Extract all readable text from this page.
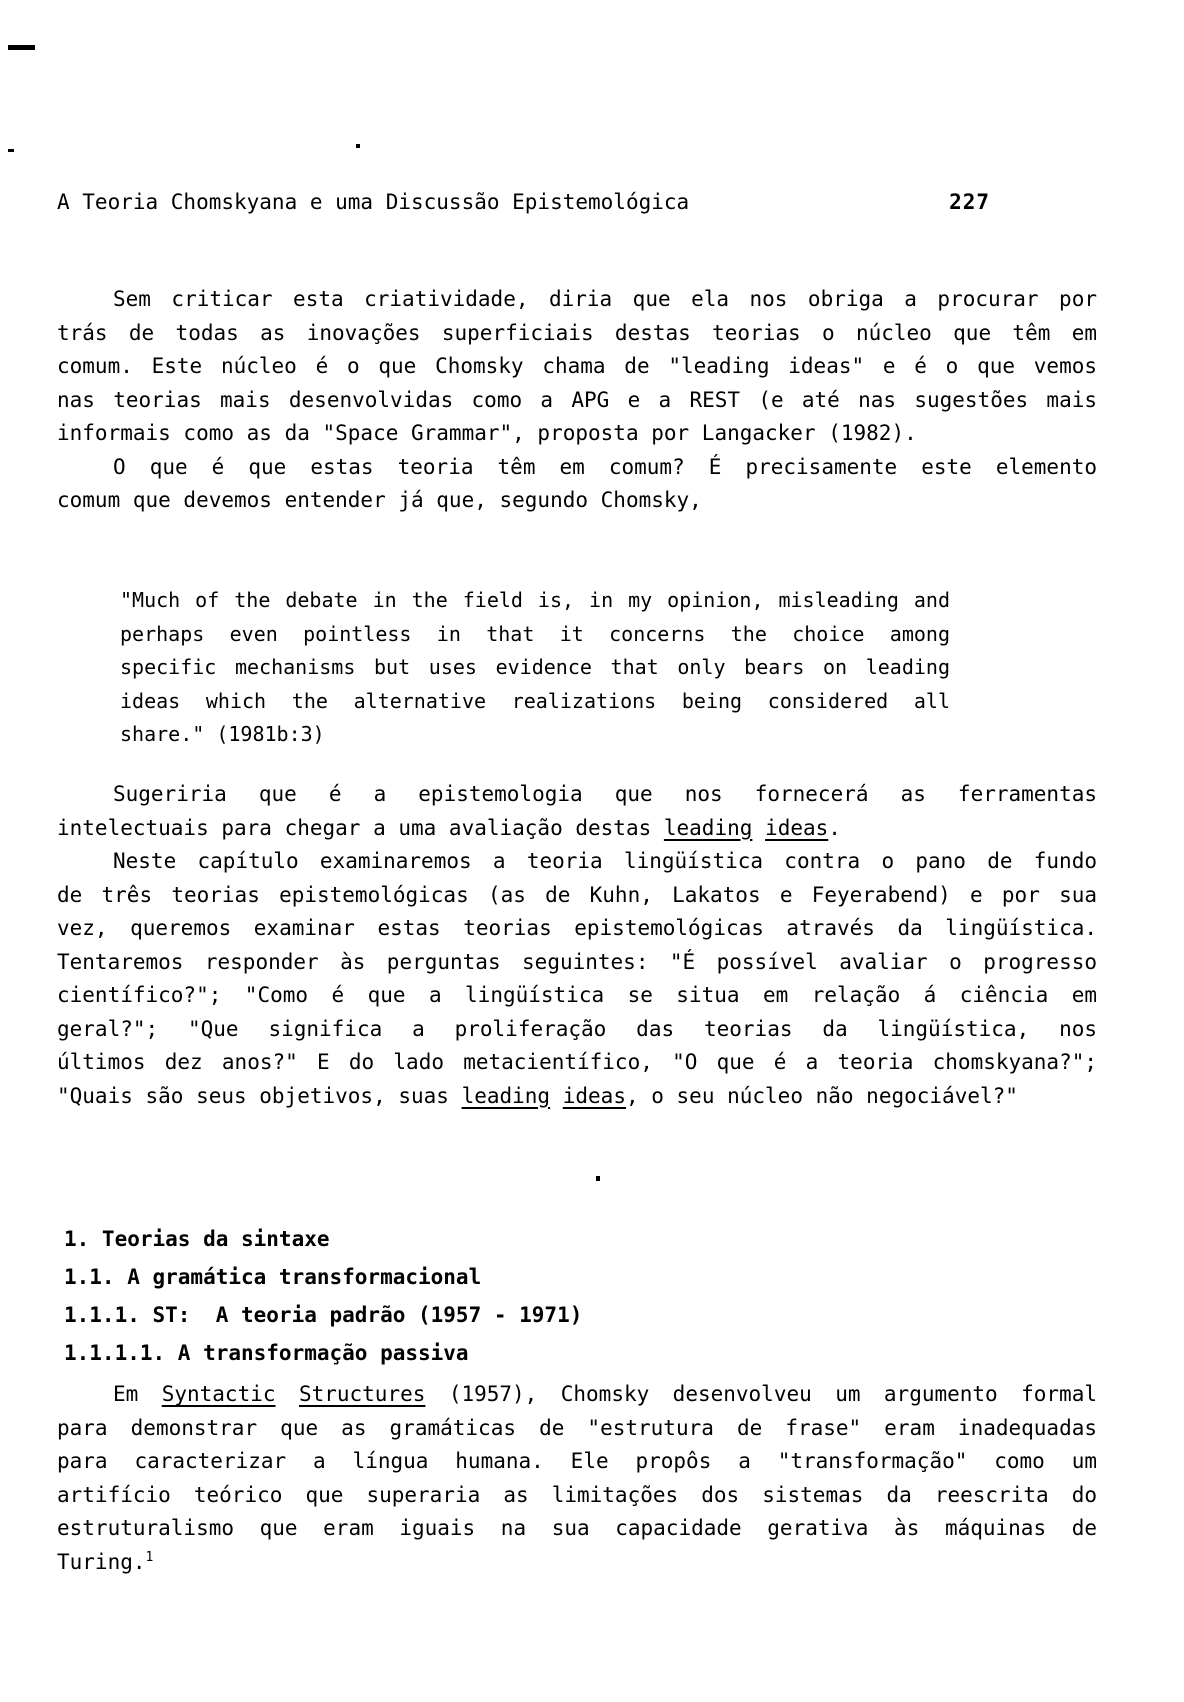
A Teoria Chomskyana e uma Discussão Epistemológica	227
Sem criticar esta criatividade, diria que ela nos obriga a procurar por
trás de todas as inovações superficiais destas teorias o núcleo que têm em
comum. Este núcleo é o que Chomsky chama de "leading ideas" e é o que vemos
nas teorias mais desenvolvidas como a APG e a REST (e até nas sugestões mais
informais como as da "Space Grammar", proposta por Langacker (1982).
O que é que estas teoria têm em comum? É precisamente este elemento
comum que devemos entender já que, segundo Chomsky,
"Much of the debate in the field is, in my opinion, misleading and
perhaps even pointless in that it concerns the choice among
specific mechanisms but uses evidence that only bears on leading
ideas which the alternative realizations being considered all
share." (1981b:3)
Sugeriria que é a epistemologia que nos fornecerá as ferramentas
intelectuais para chegar a uma avaliação destas leading ideas.
Neste capítulo examinaremos a teoria lingüística contra o pano de fundo
de três teorias epistemológicas (as de Kuhn, Lakatos e Feyerabend) e por sua
vez, queremos examinar estas teorias epistemológicas através da lingüística.
Tentaremos responder às perguntas seguintes: "É possível avaliar o progresso
científico?"; "Como é que a lingüística se situa em relação á ciência em
geral?"; "Que significa a proliferação das teorias da lingüística, nos
últimos dez anos?" E do lado metacientífico, "O que é a teoria chomskyana?";
"Quais são seus objetivos, suas leading ideas, o seu núcleo não negociável?"
1. Teorias da sintaxe
1.1. A gramática transformacional
1.1.1. ST:  A teoria padrão (1957 - 1971)
1.1.1.1. A transformação passiva
Em Syntactic Structures (1957), Chomsky desenvolveu um argumento formal
para demonstrar que as gramáticas de "estrutura de frase" eram inadequadas
para caracterizar a língua humana. Ele propôs a "transformação" como um
artifício teórico que superaria as limitações dos sistemas da reescrita do
estruturalismo que eram iguais na sua capacidade gerativa às máquinas de
Turing.$^1$
